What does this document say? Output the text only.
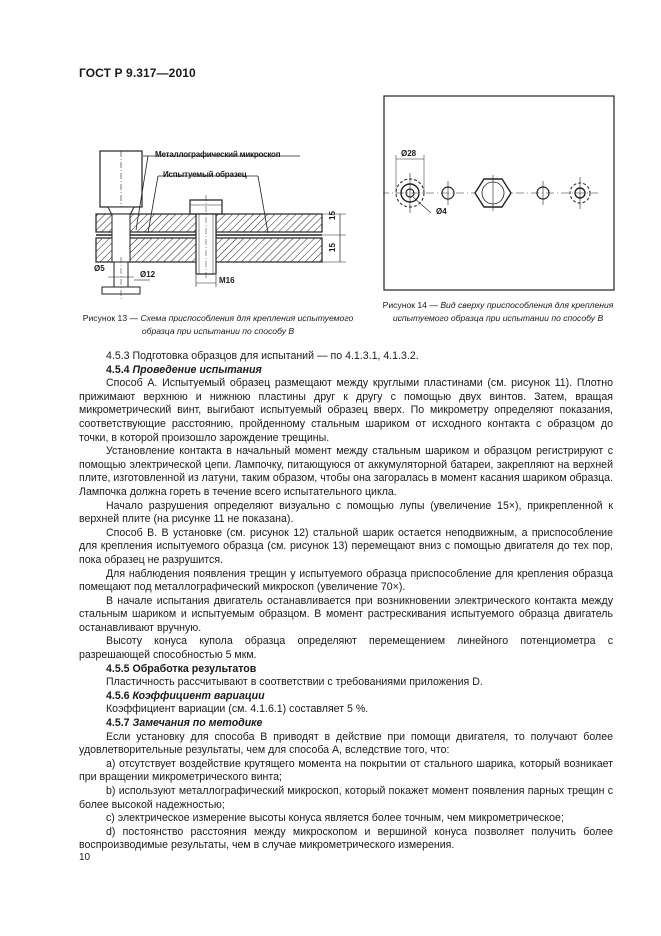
ГОСТ Р 9.317—2010
Металлографический микроскоп
Испытуемый образец
15
15
Ø5
Ø12
M16
Рисунок 13 — Схема приспособления для крепления испытуемого образца при испытании по способу В
Ø28
Ø4
Рисунок 14 — Вид сверху приспособления для крепления испытуемого образца при испытании по способу В

4.5.3 Подготовка образцов для испытаний — по 4.1.3.1, 4.1.3.2.

4.5.4 Проведение испытания

Способ А. Испытуемый образец размещают между круглыми пластинами (см. рисунок 11). Плотно прижимают верхнюю и нижнюю пластины друг к другу с помощью двух винтов. Затем, вращая микрометрический винт, выгибают испытуемый образец вверх. По микрометру определяют показания, соответствующие расстоянию, пройденному стальным шариком от исходного контакта с образцом до точки, в которой произошло зарождение трещины.

Установление контакта в начальный момент между стальным шариком и образцом регистрируют с помощью электрической цепи. Лампочку, питающуюся от аккумуляторной батареи, закрепляют на верхней плите, изготовленной из латуни, таким образом, чтобы она загоралась в момент касания шариком образца. Лампочка должна гореть в течение всего испытательного цикла.

Начало разрушения определяют визуально с помощью лупы (увеличение 15×), прикрепленной к верхней плите (на рисунке 11 не показана).

Способ В. В установке (см. рисунок 12) стальной шарик остается неподвижным, а приспособление для крепления испытуемого образца (см. рисунок 13) перемещают вниз с помощью двигателя до тех пор, пока образец не разрушится.

Для наблюдения появления трещин у испытуемого образца приспособление для крепления образца помещают под металлографический микроскоп (увеличение 70×).

В начале испытания двигатель останавливается при возникновении электрического контакта между стальным шариком и испытуемым образцом. В момент растрескивания испытуемого образца двигатель останавливают вручную.

Высоту конуса купола образца определяют перемещением линейного потенциометра с разрешающей способностью 5 мкм.

4.5.5 Обработка результатов

Пластичность рассчитывают в соответствии с требованиями приложения D.

4.5.6 Коэффициент вариации

Коэффициент вариации (см. 4.1.6.1) составляет 5 %.

4.5.7 Замечания по методике

Если установку для способа В приводят в действие при помощи двигателя, то получают более удовлетворительные результаты, чем для способа А, вследствие того, что:

а) отсутствует воздействие крутящего момента на покрытии от стального шарика, который возникает при вращении микрометрического винта;

b) используют металлографический микроскоп, который покажет момент появления парных трещин с более высокой надежностью;

с) электрическое измерение высоты конуса является более точным, чем микрометрическое;

d) постоянство расстояния между микроскопом и вершиной конуса позволяет получить более воспроизводимые результаты, чем в случае микрометрического измерения.

10
